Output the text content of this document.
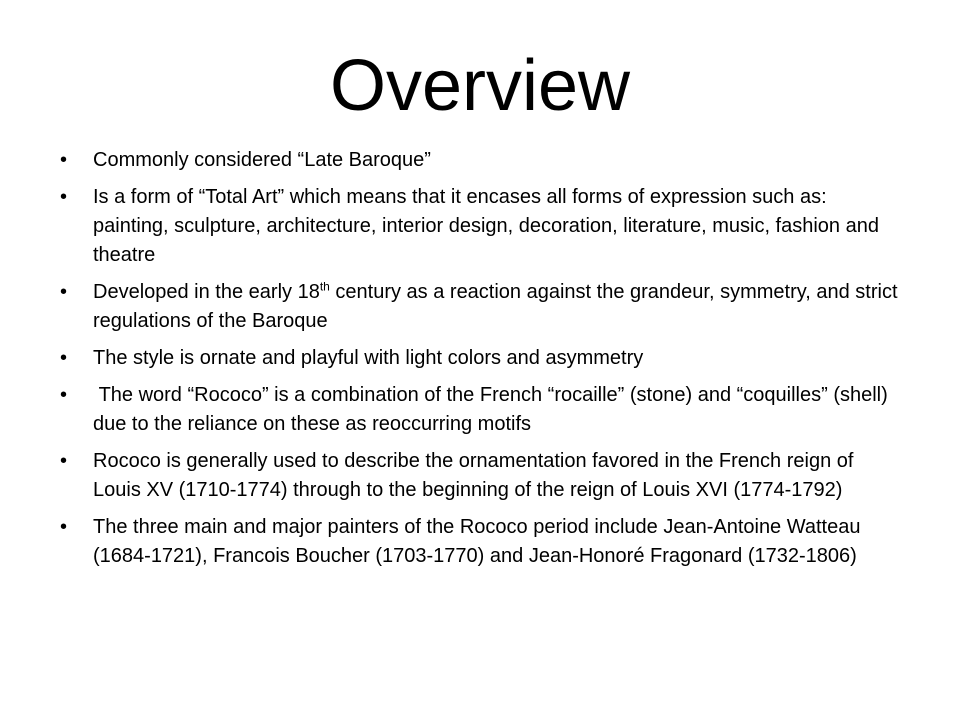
Overview
•	Commonly considered “Late Baroque”
•	Is a form of “Total Art” which means that it encases all forms of expression such as: painting, sculpture, architecture, interior design, decoration, literature, music, fashion and theatre
•	Developed in the early 18th century as a reaction against the grandeur, symmetry, and strict regulations of the Baroque
•	The style is ornate and playful with light colors and asymmetry
•	The word “Rococo” is a combination of the French “rocaille” (stone) and “coquilles” (shell) due to the reliance on these as reoccurring motifs
•	Rococo is generally used to describe the ornamentation favored in the French reign of Louis XV (1710-1774) through to the beginning of the reign of Louis XVI (1774-1792)
•	The three main and major painters of the Rococo period include Jean-Antoine Watteau (1684-1721), Francois Boucher (1703-1770) and Jean-Honoré Fragonard (1732-1806)
